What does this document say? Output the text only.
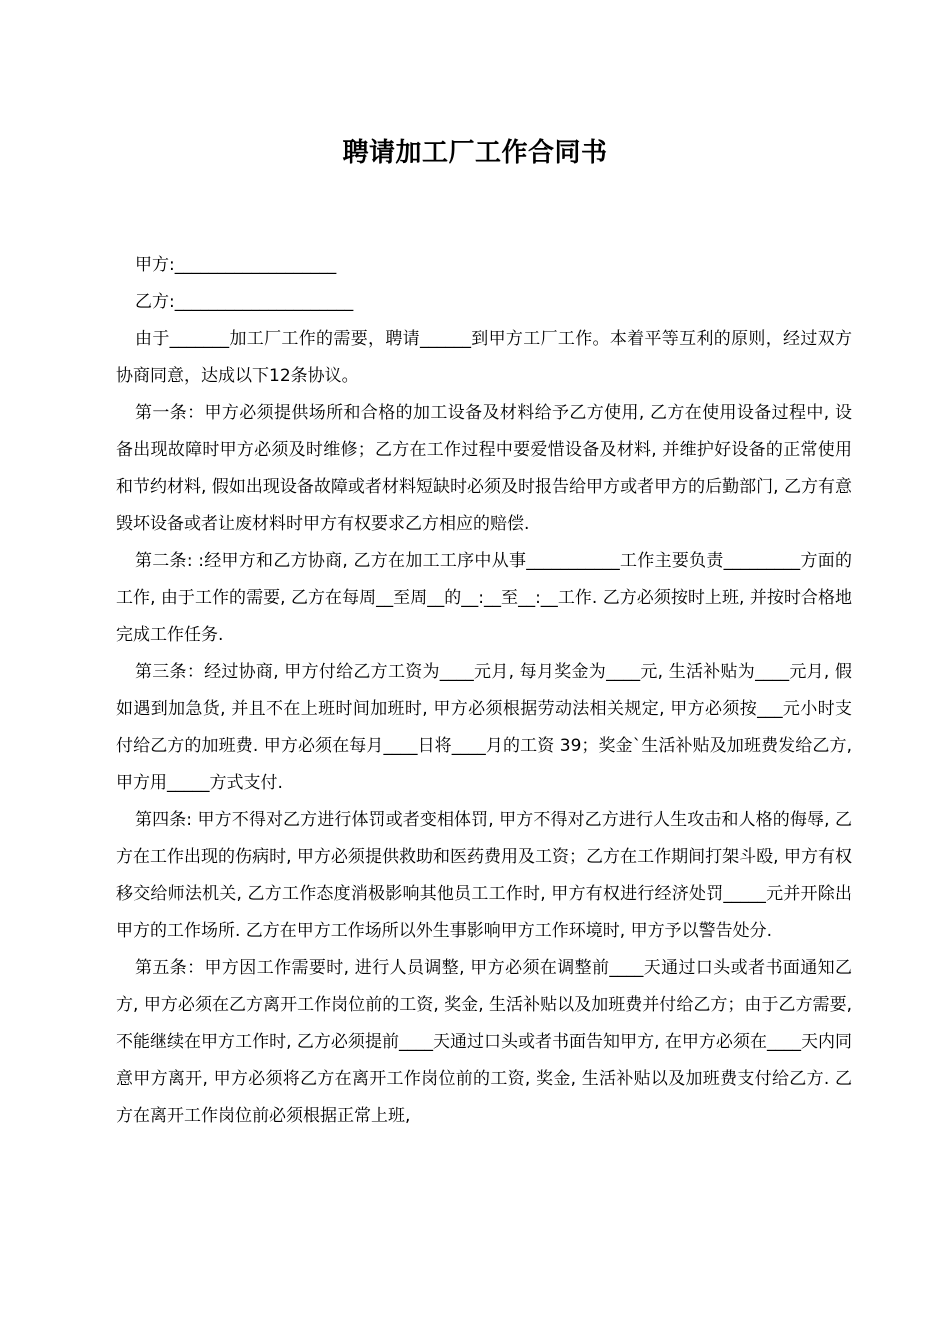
聘请加工厂工作合同书

甲方:___________________

乙方:_____________________

由于_______加工厂工作的需要，聘请______到甲方工厂工作。本着平等互利的原则，经过双方协商同意，达成以下12条协议。

第一条：甲方必须提供场所和合格的加工设备及材料给予乙方使用, 乙方在使用设备过程中, 设备出现故障时甲方必须及时维修；乙方在工作过程中要爱惜设备及材料, 并维护好设备的正常使用和节约材料, 假如出现设备故障或者材料短缺时必须及时报告给甲方或者甲方的后勤部门, 乙方有意毁坏设备或者让废材料时甲方有权要求乙方相应的赔偿.

第二条: :经甲方和乙方协商, 乙方在加工工序中从事___________工作主要负责_________方面的工作, 由于工作的需要, 乙方在每周__至周__的__:__至__:__工作. 乙方必须按时上班, 并按时合格地完成工作任务.

第三条：经过协商, 甲方付给乙方工资为____元月, 每月奖金为____元, 生活补贴为____元月, 假如遇到加急货, 并且不在上班时间加班时, 甲方必须根据劳动法相关规定, 甲方必须按___元小时支付给乙方的加班费. 甲方必须在每月____日将____月的工资 39；奖金`生活补贴及加班费发给乙方, 甲方用_____方式支付.

第四条: 甲方不得对乙方进行体罚或者变相体罚, 甲方不得对乙方进行人生攻击和人格的侮辱, 乙方在工作出现的伤病时, 甲方必须提供救助和医药费用及工资；乙方在工作期间打架斗殴, 甲方有权移交给师法机关, 乙方工作态度消极影响其他员工工作时, 甲方有权进行经济处罚_____元并开除出甲方的工作场所. 乙方在甲方工作场所以外生事影响甲方工作环境时, 甲方予以警告处分.

第五条：甲方因工作需要时, 进行人员调整, 甲方必须在调整前____天通过口头或者书面通知乙方, 甲方必须在乙方离开工作岗位前的工资, 奖金, 生活补贴以及加班费并付给乙方；由于乙方需要, 不能继续在甲方工作时, 乙方必须提前____天通过口头或者书面告知甲方, 在甲方必须在____天内同意甲方离开, 甲方必须将乙方在离开工作岗位前的工资, 奖金, 生活补贴以及加班费支付给乙方. 乙方在离开工作岗位前必须根据正常上班,
